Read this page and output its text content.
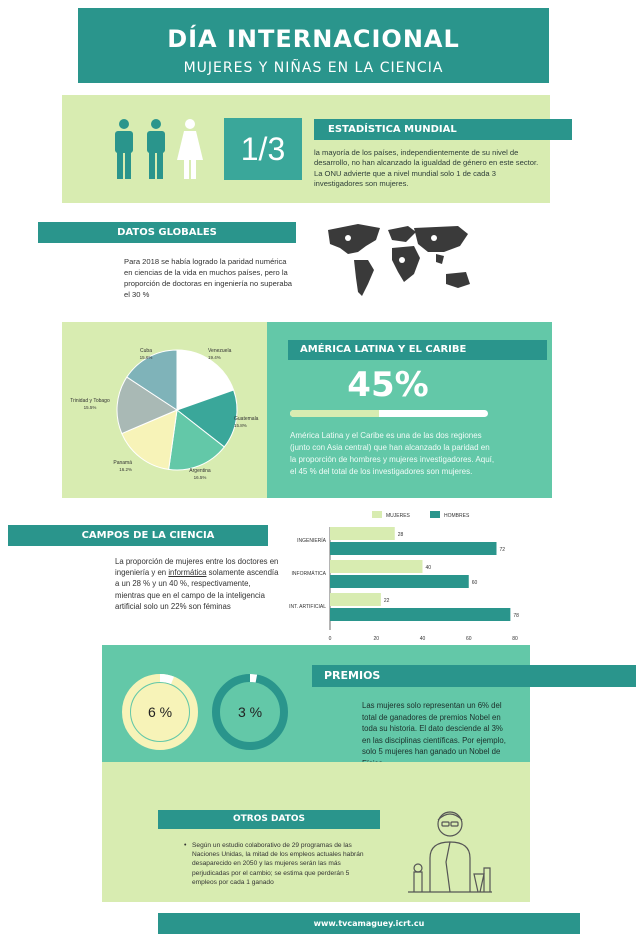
DÍA INTERNACIONAL
MUJERES Y NIÑAS EN LA CIENCIA
1/3
ESTADÍSTICA MUNDIAL
la mayoría de los países, independientemente de su nivel de desarrollo, no han alcanzado la igualdad de género en este sector. La ONU advierte que a nivel mundial solo 1 de cada 3 investigadores son mujeres.
DATOS GLOBALES
Para 2018 se había logrado la paridad numérica en ciencias de la vida en muchos países, pero la proporción de doctoras en ingeniería no superaba el 30 %
Venezuela
19.4%
Guatemala
15.8%
Argentina
16.5%
Panamá
16.2%
Trinidad y Tobago
15.5%
Cuba
15.6%
AMÉRICA LATINA Y EL CARIBE
45%
América Latina y el Caribe es una de las dos regiones (junto con Asia central) que han alcanzado la paridad en la proporción de hombres y mujeres investigadores. Aquí, el 45 % del total de los investigadores son mujeres.
CAMPOS DE LA CIENCIA
La proporción de mujeres entre los doctores en ingeniería y en informática solamente ascendía a un 28 % y un 40 %, respectivamente, mientras que en el campo de la inteligencia artificial solo un 22% son féminas
MUJERES	HOMBRES
INGENIERÍA
28
72
INFORMÁTICA
40
60
INT. ARTIFICIAL
22
78
0	20	40	60	80
PREMIOS
6 %	3 %	Las mujeres solo representan un 6% del total de ganadores de premios Nobel en toda su historia. El dato desciende al 3% en las disciplinas científicas. Por ejemplo, solo 5 mujeres han ganado un Nobel de
OTROS DATOS
• Según un estudio colaborativo de 29 programas de las Naciones Unidas, la mitad de los empleos actuales habrán desaparecido en 2050 y las mujeres serán las más perjudicadas por el cambio; se estima que perderán 5 empleos por cada 1 ganado
www.tvcamaguey.icrt.cu
